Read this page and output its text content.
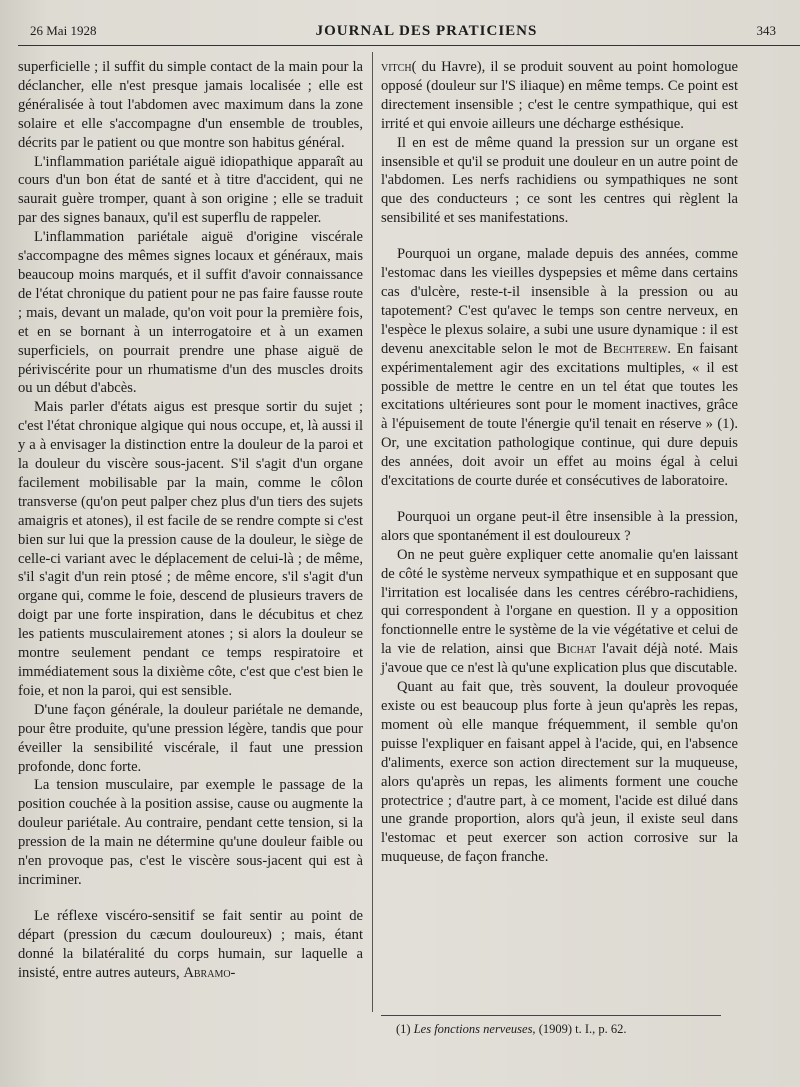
26 Mai 1928	JOURNAL DES PRATICIENS	343

superficielle ; il suffit du simple contact de la main pour la déclancher, elle n'est presque jamais localisée ; elle est généralisée à tout l'abdomen avec maximum dans la zone solaire et elle s'accompagne d'un ensemble de troubles, décrits par le patient ou que montre son habitus général.

L'inflammation pariétale aiguë idiopathique apparaît au cours d'un bon état de santé et à titre d'accident, qui ne saurait guère tromper, quant à son origine ; elle se traduit par des signes banaux, qu'il est superflu de rappeler.

L'inflammation pariétale aiguë d'origine viscérale s'accompagne des mêmes signes locaux et généraux, mais beaucoup moins marqués, et il suffit d'avoir connaissance de l'état chronique du patient pour ne pas faire fausse route ; mais, devant un malade, qu'on voit pour la première fois, et en se bornant à un interrogatoire et à un examen superficiels, on pourrait prendre une phase aiguë de périviscérite pour un rhumatisme d'un des muscles droits ou un début d'abcès.

Mais parler d'états aigus est presque sortir du sujet ; c'est l'état chronique algique qui nous occupe, et, là aussi il y a à envisager la distinction entre la douleur de la paroi et la douleur du viscère sous-jacent. S'il s'agit d'un organe facilement mobilisable par la main, comme le côlon transverse (qu'on peut palper chez plus d'un tiers des sujets amaigris et atones), il est facile de se rendre compte si c'est bien sur lui que la pression cause de la douleur, le siège de celle-ci variant avec le déplacement de celui-là ; de même, s'il s'agit d'un rein ptosé ; de même encore, s'il s'agit d'un organe qui, comme le foie, descend de plusieurs travers de doigt par une forte inspiration, dans le décubitus et chez les patients musculairement atones ; si alors la douleur se montre seulement pendant ce temps respiratoire et immédiatement sous la dixième côte, c'est que c'est bien le foie, et non la paroi, qui est sensible.

D'une façon générale, la douleur pariétale ne demande, pour être produite, qu'une pression légère, tandis que pour éveiller la sensibilité viscérale, il faut une pression profonde, donc forte.

La tension musculaire, par exemple le passage de la position couchée à la position assise, cause ou augmente la douleur pariétale. Au contraire, pendant cette tension, si la pression de la main ne détermine qu'une douleur faible ou n'en provoque pas, c'est le viscère sous-jacent qui est à incriminer.

Le réflexe viscéro-sensitif se fait sentir au point de départ (pression du cæcum douloureux) ; mais, étant donné la bilatéralité du corps humain, sur laquelle a insisté, entre autres auteurs, Abramo-

vitch( du Havre), il se produit souvent au point homologue opposé (douleur sur l'S iliaque) en même temps. Ce point est directement insensible ; c'est le centre sympathique, qui est irrité et qui envoie ailleurs une décharge esthésique.

Il en est de même quand la pression sur un organe est insensible et qu'il se produit une douleur en un autre point de l'abdomen. Les nerfs rachidiens ou sympathiques ne sont que des conducteurs ; ce sont les centres qui règlent la sensibilité et ses manifestations.

Pourquoi un organe, malade depuis des années, comme l'estomac dans les vieilles dyspepsies et même dans certains cas d'ulcère, reste-t-il insensible à la pression ou au tapotement? C'est qu'avec le temps son centre nerveux, en l'espèce le plexus solaire, a subi une usure dynamique : il est devenu anexcitable selon le mot de Bechterew. En faisant expérimentalement agir des excitations multiples, « il est possible de mettre le centre en un tel état que toutes les excitations ultérieures sont pour le moment inactives, grâce à l'épuisement de toute l'énergie qu'il tenait en réserve » (1). Or, une excitation pathologique continue, qui dure depuis des années, doit avoir un effet au moins égal à celui d'excitations de courte durée et consécutives de laboratoire.

Pourquoi un organe peut-il être insensible à la pression, alors que spontanément il est douloureux ?

On ne peut guère expliquer cette anomalie qu'en laissant de côté le système nerveux sympathique et en supposant que l'irritation est localisée dans les centres cérébro-rachidiens, qui correspondent à l'organe en question. Il y a opposition fonctionnelle entre le système de la vie végétative et celui de la vie de relation, ainsi que Bichat l'avait déjà noté. Mais j'avoue que ce n'est là qu'une explication plus que discutable.

Quant au fait que, très souvent, la douleur provoquée existe ou est beaucoup plus forte à jeun qu'après les repas, moment où elle manque fréquemment, il semble qu'on puisse l'expliquer en faisant appel à l'acide, qui, en l'absence d'aliments, exerce son action directement sur la muqueuse, alors qu'après un repas, les aliments forment une couche protectrice ; d'autre part, à ce moment, l'acide est dilué dans une grande proportion, alors qu'à jeun, il existe seul dans l'estomac et peut exercer son action corrosive sur la muqueuse, de façon franche.

(1) Les fonctions nerveuses, (1909) t. I., p. 62.
